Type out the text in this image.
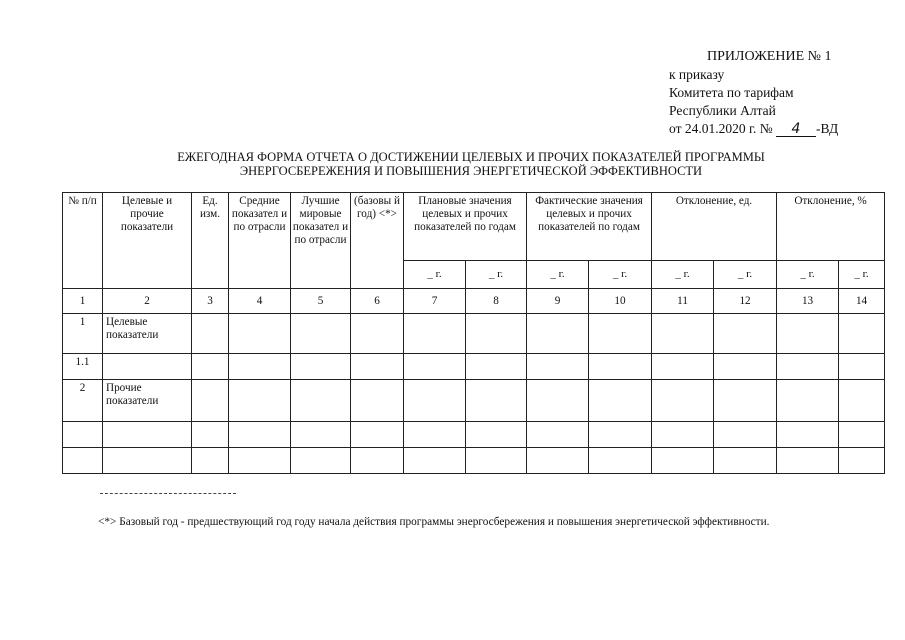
ПРИЛОЖЕНИЕ № 1
к приказу
Комитета по тарифам
Республики Алтай
от 24.01.2020 г. № 4 -ВД
ЕЖЕГОДНАЯ ФОРМА ОТЧЕТА О ДОСТИЖЕНИИ ЦЕЛЕВЫХ И ПРОЧИХ ПОКАЗАТЕЛЕЙ ПРОГРАММЫ
ЭНЕРГОСБЕРЕЖЕНИЯ И ПОВЫШЕНИЯ ЭНЕРГЕТИЧЕСКОЙ ЭФФЕКТИВНОСТИ
№ п/п	Целевые и прочие показатели	Ед. изм.	Средние показател и по отрасли	Лучшие мировые показател и по отрасли	(базовы й год) <*>	Плановые значения целевых и прочих показателей по годам		Фактические значения целевых и прочих показателей по годам		Отклонение, ед.		Отклонение, %	
						_ г.	_ г.	_ г.	_ г.	_ г.	_ г.	_ г.	_ г.
1	2	3	4	5	6	7	8	9	10	11	12	13	14
1	Целевые показатели												
1.1													
2	Прочие показатели												

<*> Базовый год - предшествующий год году начала действия программы энергосбережения и повышения энергетической эффективности.
